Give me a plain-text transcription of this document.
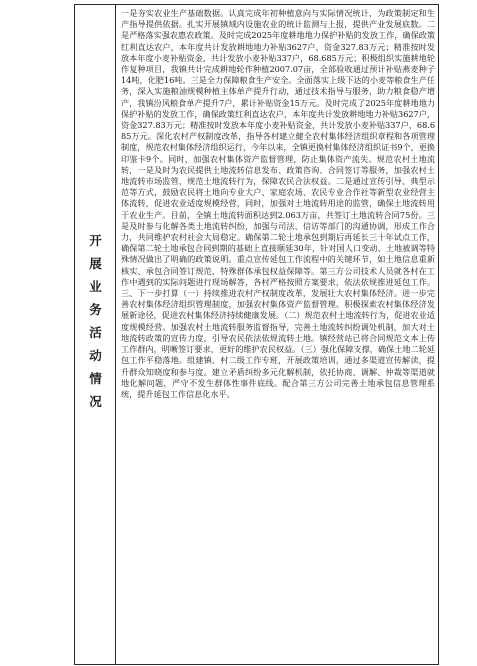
开
展
业
务
活
动
情
况

一是夯实农业生产基础数据。认真完成年初种植意向与实际情况统计，为政策制定和生产指导提供依据。扎实开展镇域内设施农业的统计监测与上报，提供产业发展底数。二是严格落实强农惠农政策。及时完成2025年度耕地地力保护补贴的发放工作，确保政策红利直达农户，本年度共计发放耕地地力补贴3627户，资金327.83万元；精准按时发放本年度小麦补贴资金，共计发放小麦补贴337户，68.685万元；积极组织实施耕地轮作复种项目，我镇共计完成耕地轮作种植2007.07亩，全部验收通过预计补贴燕麦种子14吨，化肥16吨。三是全力保障粮食生产安全。全面落实上级下达的小麦等粮食生产任务，深入实施粮油规模种植主体单产提升行动，通过技术指导与服务，助力粮食稳产增产，我镇汾风粮食单产提升7户，累计补贴资金15万元。及时完成了2025年度耕地地力保护补贴的发放工作，确保政策红利直达农户，本年度共计发放耕地地力补贴3627户，资金327.83万元；精准按时发放本年度小麦补贴资金，共计发放小麦补贴337户，68.685万元。深化农村产权制度改革，指导各村建立健全农村集体经济组织章程和各项管理制度，规范农村集体经济组织运行，今年以来，全镇更换村集体经济组织证书9个，更换印鉴卡9个。同时，加强农村集体资产监督管理，防止集体资产流失。规范农村土地流转，一是及时为农民提供土地流转信息发布、政策咨询、合同签订等服务，加强农村土地流转市场监管，规范土地流转行为，保障农民合法权益。二是通过宣传引导、典型示范等方式，鼓励农民将土地向专业大户、家庭农场、农民专业合作社等新型农业经营主体流转，促进农业适度规模经营，同时，加强对土地流转用途的监管，确保土地流转用于农业生产。目前，全镇土地流转面积达到2.063万亩，共签订土地流转合同75份。三是及时参与化解各类土地流转纠纷，加强与司法、信访等部门的沟通协调，形成工作合力，共同维护农村社会大局稳定。确保第二轮土地承包到期后再延长三十年试点工作，确保第二轮土地承包合同到期的基础上直接顺延30年，针对国人口变动、土地被调等特殊情况做出了明确的政策说明。重点宣传延包工作流程中的关键环节，如土地信息重新核实、承包合同签订规范、特殊群体承包权益保障等。第三方公司技术人员就各村在工作中遇到的实际问题进行现场解答，各村严格按照方案要求，依法依规推进延包工作。三、下一步打算（一）持续推进农村产权制度改革，发展壮大农村集体经济。进一步完善农村集体经济组织管理制度，加强农村集体资产监督管理。积极探索农村集体经济发展新途径，促进农村集体经济持续健康发展。（二）规范农村土地流转行为，促进农业适度规模经营。加强农村土地流转服务监督指导，完善土地流转纠纷调处机制，加大对土地流转政策的宣传力度，引导农民依法依规流转土地。镇经营站已将合同规范文本上传工作群内，明晰签订要求，更好的维护农民权益。（三）强化保障支撑，确保土地二轮延包工作平稳落地。组建镇、村二级工作专班，开展政策培训，通过多渠道宣传解读，提升群众知晓度和参与度。建立矛盾纠纷多元化解机制，依托协商、调解、仲裁等渠道就地化解问题，严守不发生群体性事件底线。配合第三方公司完善土地承包信息管理系统，提升延包工作信息化水平。
